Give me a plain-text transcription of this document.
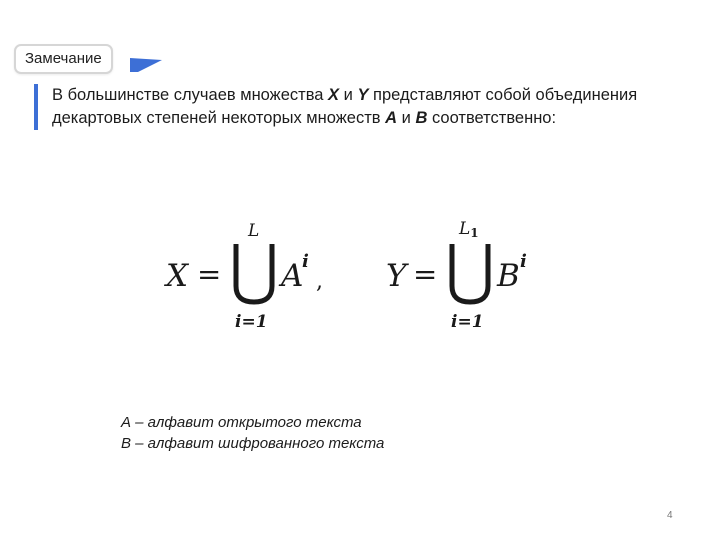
Замечание
В большинстве случаев множества X и Y представляют собой объединения
декартовых степеней некоторых множеств A и B соответственно:
X =
L
i=1
A
i
, Y =
L1
i=1
B i
А – алфавит открытого текста
В – алфавит шифрованного текста
4
